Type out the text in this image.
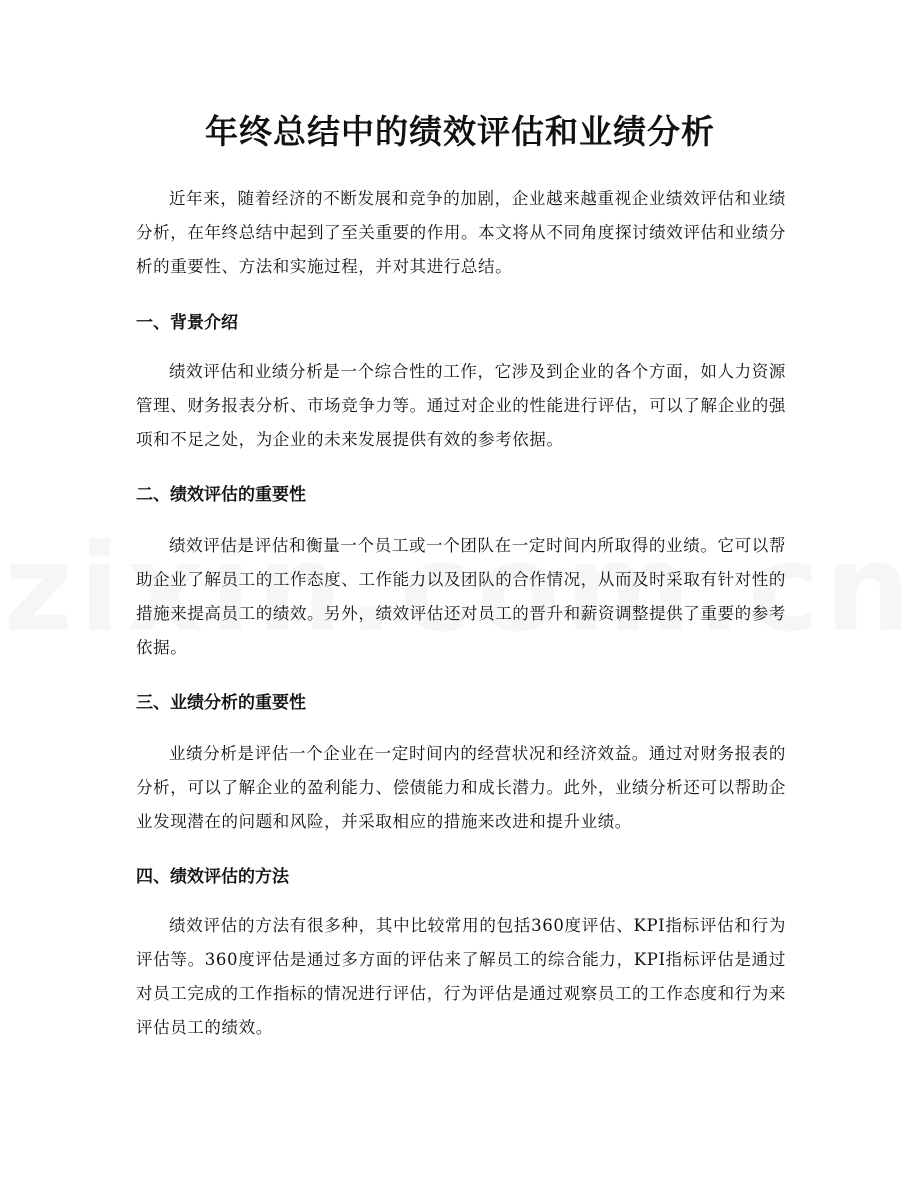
年终总结中的绩效评估和业绩分析

近年来，随着经济的不断发展和竞争的加剧，企业越来越重视企业绩效评估和业绩分析，在年终总结中起到了至关重要的作用。本文将从不同角度探讨绩效评估和业绩分析的重要性、方法和实施过程，并对其进行总结。

一、背景介绍

绩效评估和业绩分析是一个综合性的工作，它涉及到企业的各个方面，如人力资源管理、财务报表分析、市场竞争力等。通过对企业的性能进行评估，可以了解企业的强项和不足之处，为企业的未来发展提供有效的参考依据。

二、绩效评估的重要性

绩效评估是评估和衡量一个员工或一个团队在一定时间内所取得的业绩。它可以帮助企业了解员工的工作态度、工作能力以及团队的合作情况，从而及时采取有针对性的措施来提高员工的绩效。另外，绩效评估还对员工的晋升和薪资调整提供了重要的参考依据。

三、业绩分析的重要性

业绩分析是评估一个企业在一定时间内的经营状况和经济效益。通过对财务报表的分析，可以了解企业的盈利能力、偿债能力和成长潜力。此外，业绩分析还可以帮助企业发现潜在的问题和风险，并采取相应的措施来改进和提升业绩。

四、绩效评估的方法

绩效评估的方法有很多种，其中比较常用的包括360度评估、KPI指标评估和行为评估等。360度评估是通过多方面的评估来了解员工的综合能力，KPI指标评估是通过对员工完成的工作指标的情况进行评估，行为评估是通过观察员工的工作态度和行为来评估员工的绩效。
